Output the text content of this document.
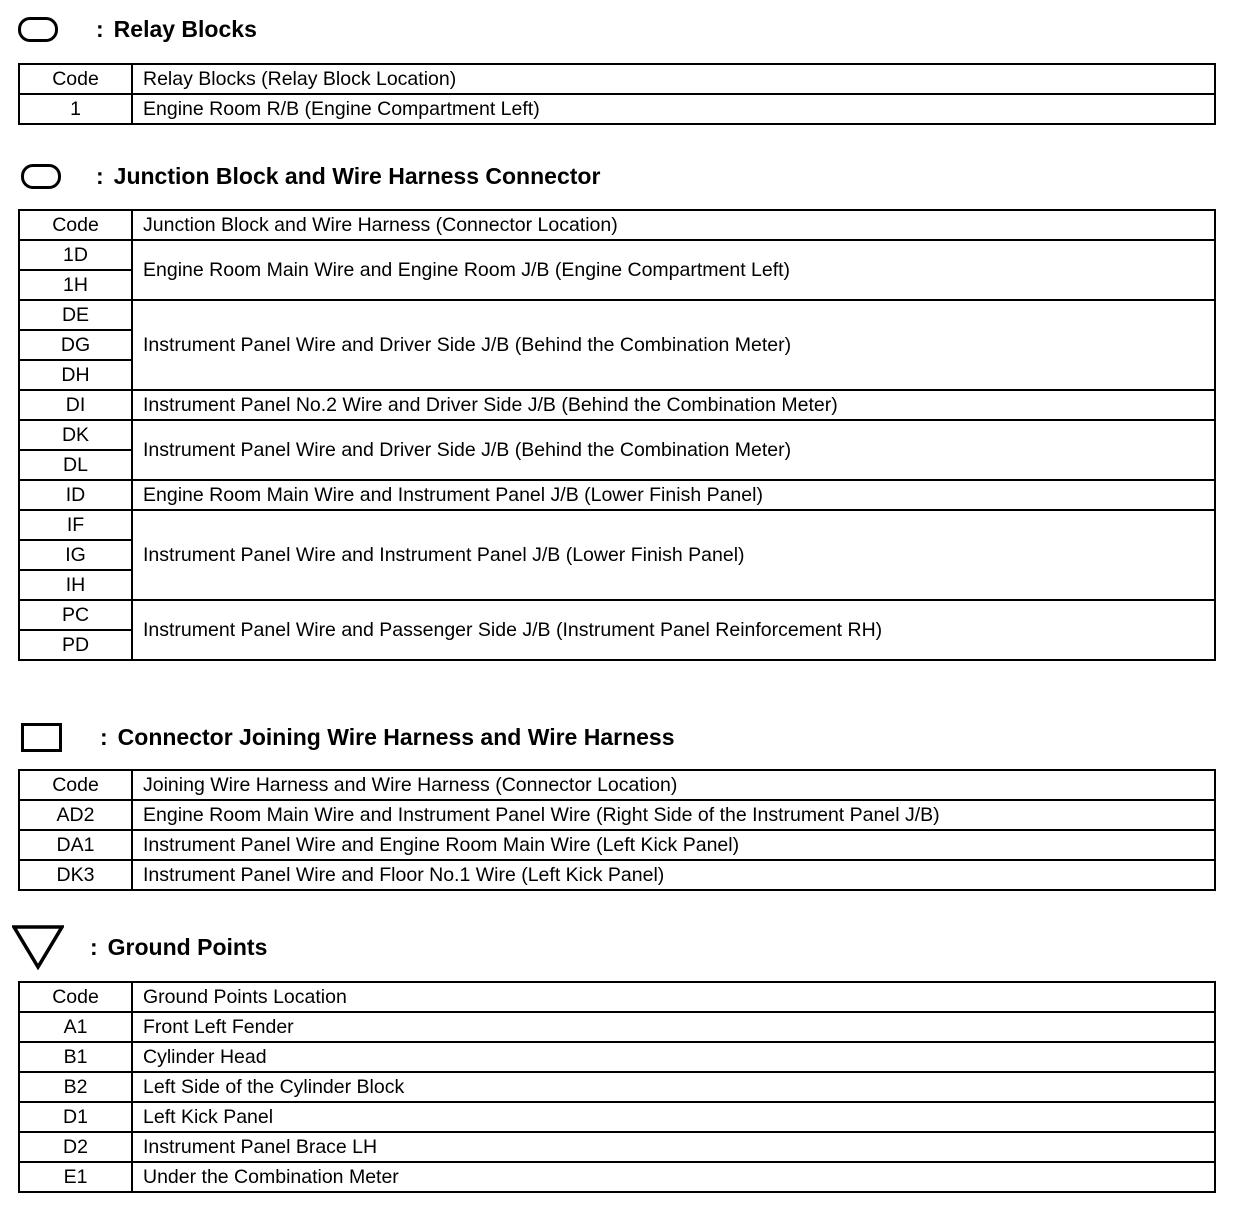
: Relay Blocks
Code	Relay Blocks (Relay Block Location)
1	Engine Room R/B (Engine Compartment Left)
: Junction Block and Wire Harness Connector
Code	Junction Block and Wire Harness (Connector Location)
1D	Engine Room Main Wire and Engine Room J/B (Engine Compartment Left)
1H	
DE	Instrument Panel Wire and Driver Side J/B (Behind the Combination Meter)
DG	
DH	
DI	Instrument Panel No.2 Wire and Driver Side J/B (Behind the Combination Meter)
DK	Instrument Panel Wire and Driver Side J/B (Behind the Combination Meter)
DL	
ID	Engine Room Main Wire and Instrument Panel J/B (Lower Finish Panel)
IF	Instrument Panel Wire and Instrument Panel J/B (Lower Finish Panel)
IG	
IH	
PC	Instrument Panel Wire and Passenger Side J/B (Instrument Panel Reinforcement RH)
PD	
: Connector Joining Wire Harness and Wire Harness
Code	Joining Wire Harness and Wire Harness (Connector Location)
AD2	Engine Room Main Wire and Instrument Panel Wire (Right Side of the Instrument Panel J/B)
DA1	Instrument Panel Wire and Engine Room Main Wire (Left Kick Panel)
DK3	Instrument Panel Wire and Floor No.1 Wire (Left Kick Panel)
: Ground Points
Code	Ground Points Location
A1	Front Left Fender
B1	Cylinder Head
B2	Left Side of the Cylinder Block
D1	Left Kick Panel
D2	Instrument Panel Brace LH
E1	Under the Combination Meter
